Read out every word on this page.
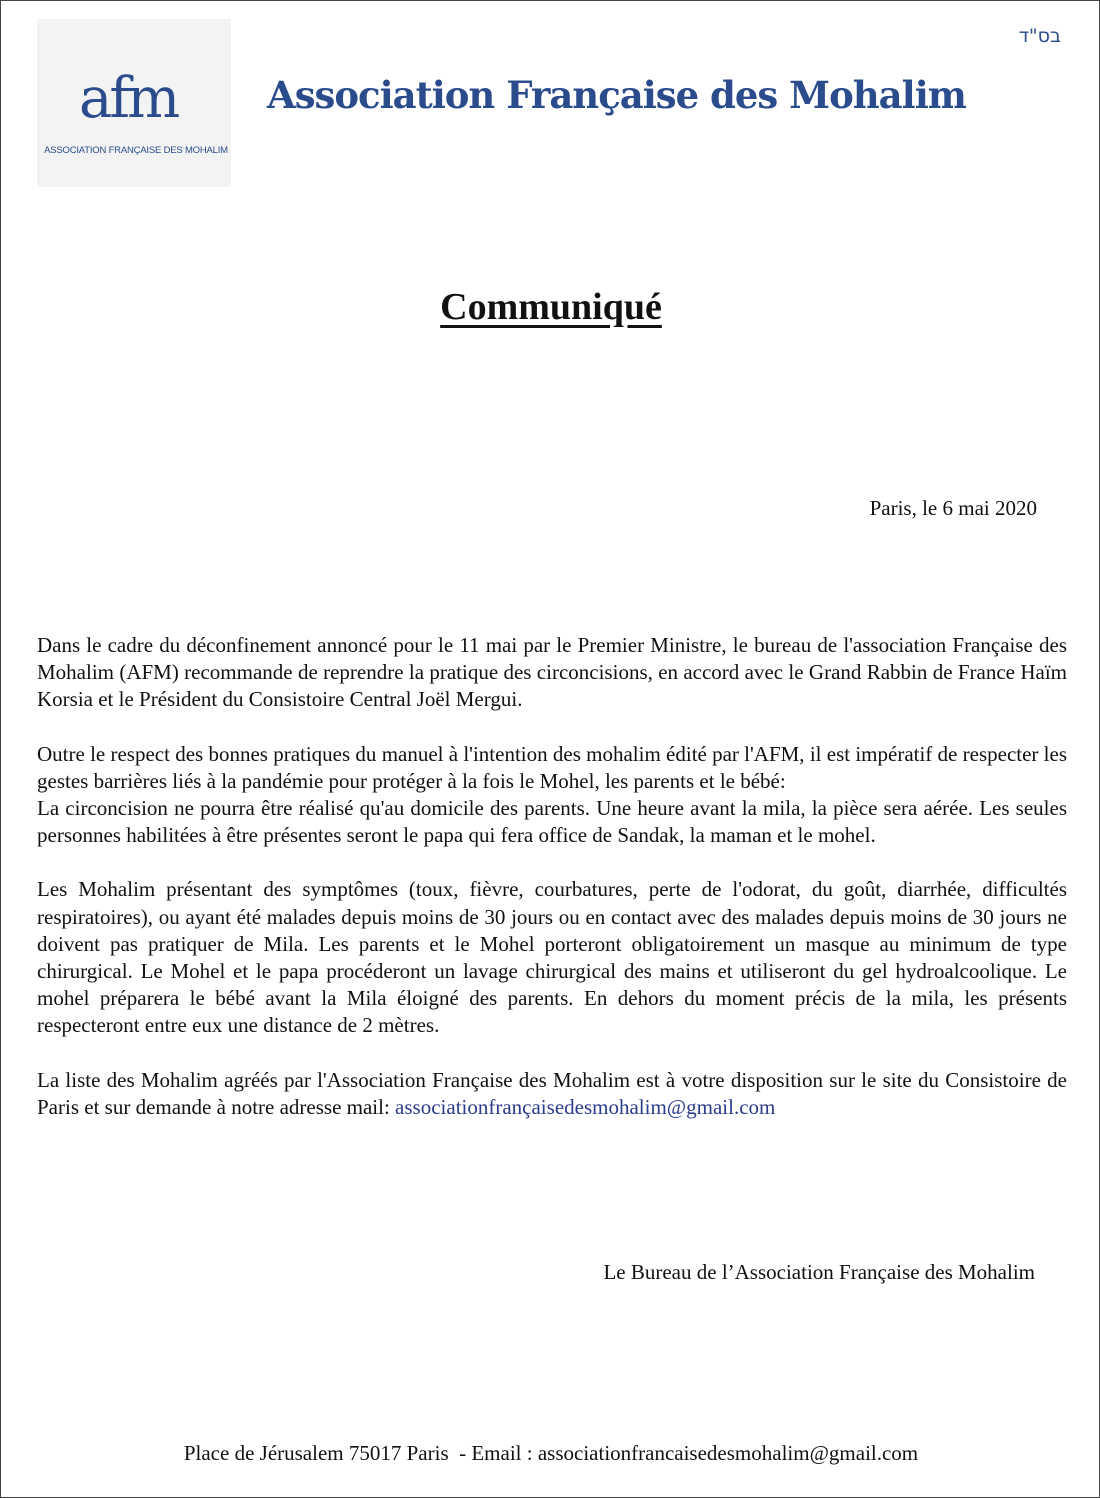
afm
ASSOCIATION FRANÇAISE DES MOHALIM
בס"ד
Association Française des Mohalim
Communiqué
Paris, le 6 mai 2020

Dans le cadre du déconfinement annoncé pour le 11 mai par le Premier Ministre, le bureau de l'association Française des Mohalim (AFM) recommande de reprendre la pratique des circoncisions, en accord avec le Grand Rabbin de France Haïm Korsia et le Président du Consistoire Central Joël Mergui.

Outre le respect des bonnes pratiques du manuel à l'intention des mohalim édité par l'AFM, il est impératif de respecter les gestes barrières liés à la pandémie pour protéger à la fois le Mohel, les parents et le bébé:

La circoncision ne pourra être réalisé qu'au domicile des parents. Une heure avant la mila, la pièce sera aérée. Les seules personnes habilitées à être présentes seront le papa qui fera office de Sandak, la maman et le mohel.

Les Mohalim présentant des symptômes (toux, fièvre, courbatures, perte de l'odorat, du goût, diarrhée, difficultés respiratoires), ou ayant été malades depuis moins de 30 jours ou en contact avec des malades depuis moins de 30 jours ne doivent pas pratiquer de Mila. Les parents et le Mohel porteront obligatoirement un masque au minimum de type chirurgical. Le Mohel et le papa procéderont un lavage chirurgical des mains et utiliseront du gel hydroalcoolique. Le mohel préparera le bébé avant la Mila éloigné des parents. En dehors du moment précis de la mila, les présents respecteront entre eux une distance de 2 mètres.

La liste des Mohalim agréés par l'Association Française des Mohalim est à votre disposition sur le site du Consistoire de Paris et sur demande à notre adresse mail: associationfrançaisedesmohalim@gmail.com

Le Bureau de l’Association Française des Mohalim
Place de Jérusalem 75017 Paris  - Email : associationfrancaisedesmohalim@gmail.com
